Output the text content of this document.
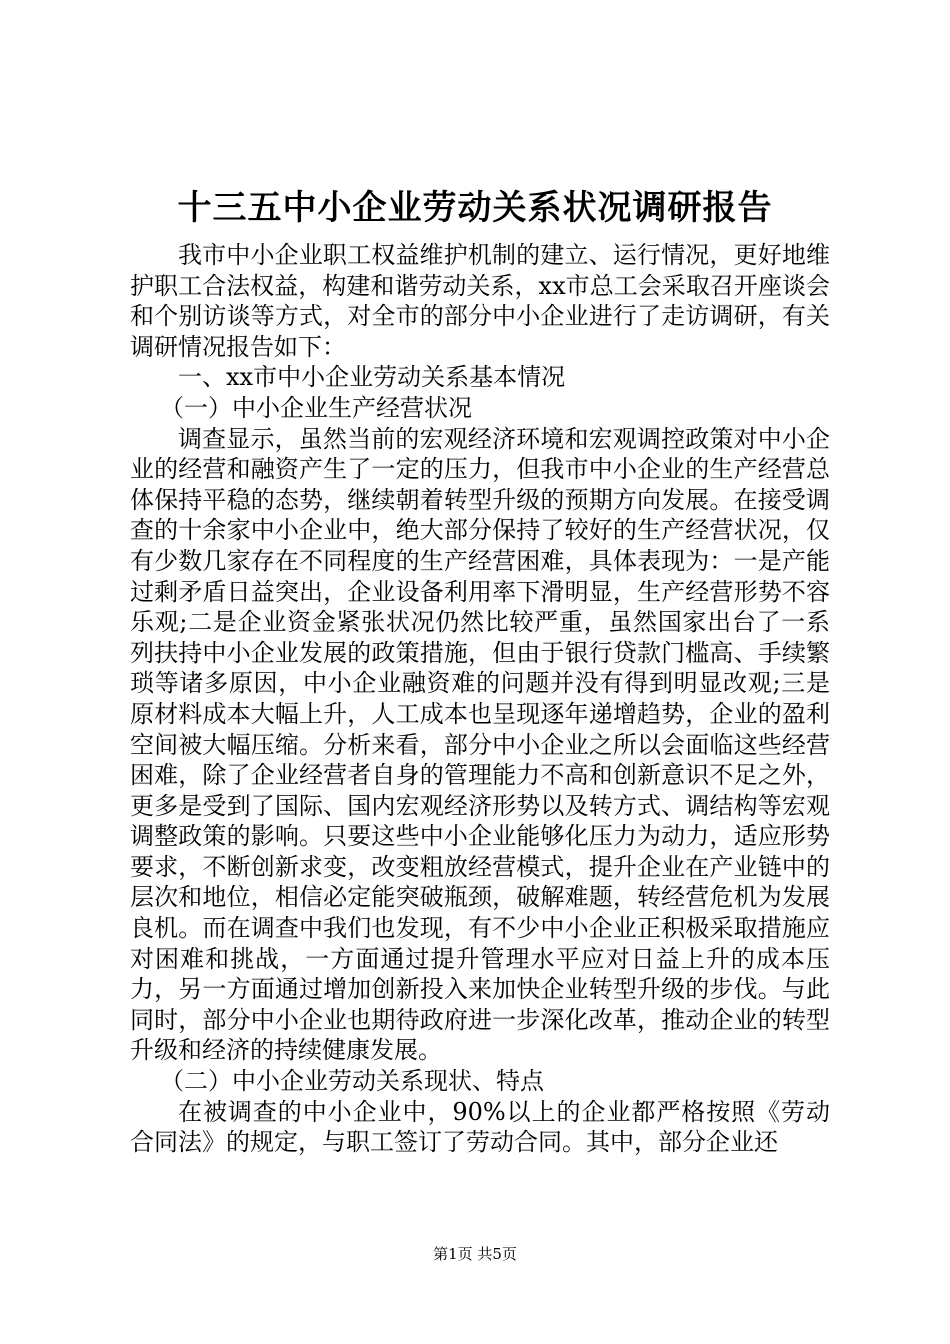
十三五中小企业劳动关系状况调研报告

我市中小企业职工权益维护机制的建立、运行情况，更好地维护职工合法权益，构建和谐劳动关系，xx市总工会采取召开座谈会和个别访谈等方式，对全市的部分中小企业进行了走访调研，有关调研情况报告如下：

一、xx市中小企业劳动关系基本情况

（一）中小企业生产经营状况

调查显示，虽然当前的宏观经济环境和宏观调控政策对中小企业的经营和融资产生了一定的压力，但我市中小企业的生产经营总体保持平稳的态势，继续朝着转型升级的预期方向发展。在接受调查的十余家中小企业中，绝大部分保持了较好的生产经营状况，仅有少数几家存在不同程度的生产经营困难，具体表现为：一是产能过剩矛盾日益突出，企业设备利用率下滑明显，生产经营形势不容乐观;二是企业资金紧张状况仍然比较严重，虽然国家出台了一系列扶持中小企业发展的政策措施，但由于银行贷款门槛高、手续繁琐等诸多原因，中小企业融资难的问题并没有得到明显改观;三是原材料成本大幅上升，人工成本也呈现逐年递增趋势，企业的盈利空间被大幅压缩。分析来看，部分中小企业之所以会面临这些经营困难，除了企业经营者自身的管理能力不高和创新意识不足之外，更多是受到了国际、国内宏观经济形势以及转方式、调结构等宏观调整政策的影响。只要这些中小企业能够化压力为动力，适应形势要求，不断创新求变，改变粗放经营模式，提升企业在产业链中的层次和地位，相信必定能突破瓶颈，破解难题，转经营危机为发展良机。而在调查中我们也发现，有不少中小企业正积极采取措施应对困难和挑战，一方面通过提升管理水平应对日益上升的成本压力，另一方面通过增加创新投入来加快企业转型升级的步伐。与此同时，部分中小企业也期待政府进一步深化改革，推动企业的转型升级和经济的持续健康发展。

（二）中小企业劳动关系现状、特点

在被调查的中小企业中，90%以上的企业都严格按照《劳动合同法》的规定，与职工签订了劳动合同。其中，部分企业还

第1页 共5页
